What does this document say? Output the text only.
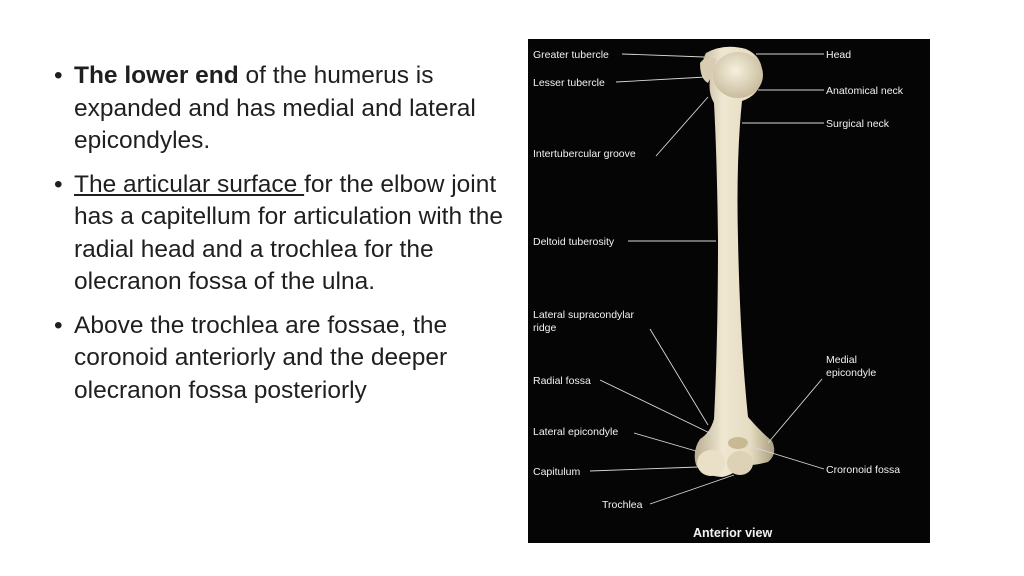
• The lower end of the humerus is expanded and has medial and lateral epicondyles.
• The articular surface for the elbow joint has a capitellum for articulation with the radial head and a trochlea for the olecranon fossa of the ulna.
• Above the trochlea are fossae, the coronoid anteriorly and the deeper olecranon fossa posteriorly
Greater tubercle
Lesser tubercle
Intertubercular groove
Deltoid tuberosity
Lateral supracondylar
ridge
Radial fossa
Lateral epicondyle
Capitulum
Trochlea
Head
Anatomical neck
Surgical neck
Medial
epicondyle
Croronoid fossa
Anterior view
